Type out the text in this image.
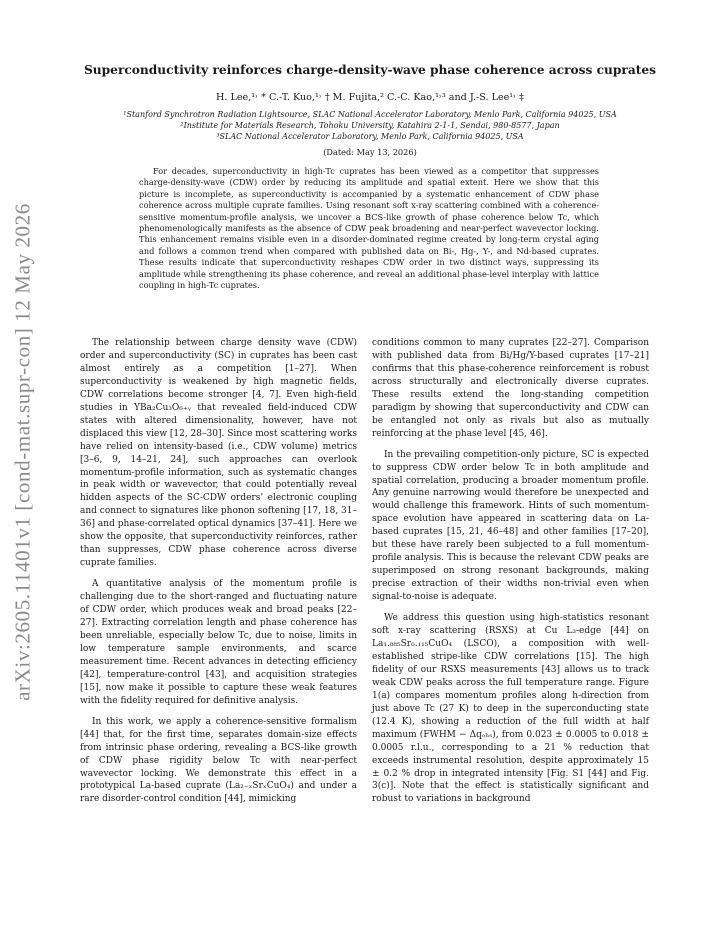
arXiv:2605.11401v1 [cond-mat.supr-con] 12 May 2026
Superconductivity reinforces charge-density-wave phase coherence across cuprates
H. Lee,¹˒ * C.-T. Kuo,¹˒ † M. Fujita,² C.-C. Kao,¹˒³ and J.-S. Lee¹˒ ‡
¹Stanford Synchrotron Radiation Lightsource, SLAC National Accelerator Laboratory, Menlo Park, California 94025, USA
²Institute for Materials Research, Tohoku University, Katahira 2-1-1, Sendai, 980-8577, Japan
³SLAC National Accelerator Laboratory, Menlo Park, California 94025, USA
(Dated: May 13, 2026)

For decades, superconductivity in high-Tc cuprates has been viewed as a competitor that suppresses charge-density-wave (CDW) order by reducing its amplitude and spatial extent. Here we show that this picture is incomplete, as superconductivity is accompanied by a systematic enhancement of CDW phase coherence across multiple cuprate families. Using resonant soft x-ray scattering combined with a coherence-sensitive momentum-profile analysis, we uncover a BCS-like growth of phase coherence below Tc, which phenomenologically manifests as the absence of CDW peak broadening and near-perfect wavevector locking. This enhancement remains visible even in a disorder-dominated regime created by long-term crystal aging and follows a common trend when compared with published data on Bi-, Hg-, Y-, and Nd-based cuprates. These results indicate that superconductivity reshapes CDW order in two distinct ways, suppressing its amplitude while strengthening its phase coherence, and reveal an additional phase-level interplay with lattice coupling in high-Tc cuprates.

The relationship between charge density wave (CDW) order and superconductivity (SC) in cuprates has been cast almost entirely as a competition [1–27]. When superconductivity is weakened by high magnetic fields, CDW correlations become stronger [4, 7]. Even high-field studies in YBa₂Cu₃O₆₊ᵧ that revealed field-induced CDW states with altered dimensionality, however, have not displaced this view [12, 28–30]. Since most scattering works have relied on intensity-based (i.e., CDW volume) metrics [3–6, 9, 14–21, 24], such approaches can overlook momentum-profile information, such as systematic changes in peak width or wavevector, that could potentially reveal hidden aspects of the SC-CDW orders’ electronic coupling and connect to signatures like phonon softening [17, 18, 31–36] and phase-correlated optical dynamics [37–41]. Here we show the opposite, that superconductivity reinforces, rather than suppresses, CDW phase coherence across diverse cuprate families.

A quantitative analysis of the momentum profile is challenging due to the short-ranged and fluctuating nature of CDW order, which produces weak and broad peaks [22–27]. Extracting correlation length and phase coherence has been unreliable, especially below Tc, due to noise, limits in low temperature sample environments, and scarce measurement time. Recent advances in detecting efficiency [42], temperature-control [43], and acquisition strategies [15], now make it possible to capture these weak features with the fidelity required for definitive analysis.

In this work, we apply a coherence-sensitive formalism [44] that, for the first time, separates domain-size effects from intrinsic phase ordering, revealing a BCS-like growth of CDW phase rigidity below Tc with near-perfect wavevector locking. We demonstrate this effect in a prototypical La-based cuprate (La₂₋ₓSrₓCuO₄) and under a rare disorder-control condition [44], mimicking

conditions common to many cuprates [22–27]. Comparison with published data from Bi/Hg/Y-based cuprates [17–21] confirms that this phase-coherence reinforcement is robust across structurally and electronically diverse cuprates. These results extend the long-standing competition paradigm by showing that superconductivity and CDW can be entangled not only as rivals but also as mutually reinforcing at the phase level [45, 46].

In the prevailing competition-only picture, SC is expected to suppress CDW order below Tc in both amplitude and spatial correlation, producing a broader momentum profile. Any genuine narrowing would therefore be unexpected and would challenge this framework. Hints of such momentum-space evolution have appeared in scattering data on La-based cuprates [15, 21, 46–48] and other families [17–20], but these have rarely been subjected to a full momentum-profile analysis. This is because the relevant CDW peaks are superimposed on strong resonant backgrounds, making precise extraction of their widths non-trivial even when signal-to-noise is adequate.

We address this question using high-statistics resonant soft x-ray scattering (RSXS) at Cu L₃-edge [44] on La₁.₈₈₅Sr₀.₁₁₅CuO₄ (LSCO), a composition with well-established stripe-like CDW correlations [15]. The high fidelity of our RSXS measurements [43] allows us to track weak CDW peaks across the full temperature range. Figure 1(a) compares momentum profiles along h-direction from just above Tc (27 K) to deep in the superconducting state (12.4 K), showing a reduction of the full width at half maximum (FWHM − Δqₒₕₛ), from 0.023 ± 0.0005 to 0.018 ± 0.0005 r.l.u., corresponding to a 21 % reduction that exceeds instrumental resolution, despite approximately 15 ± 0.2 % drop in integrated intensity [Fig. S1 [44] and Fig. 3(c)]. Note that the effect is statistically significant and robust to variations in background
